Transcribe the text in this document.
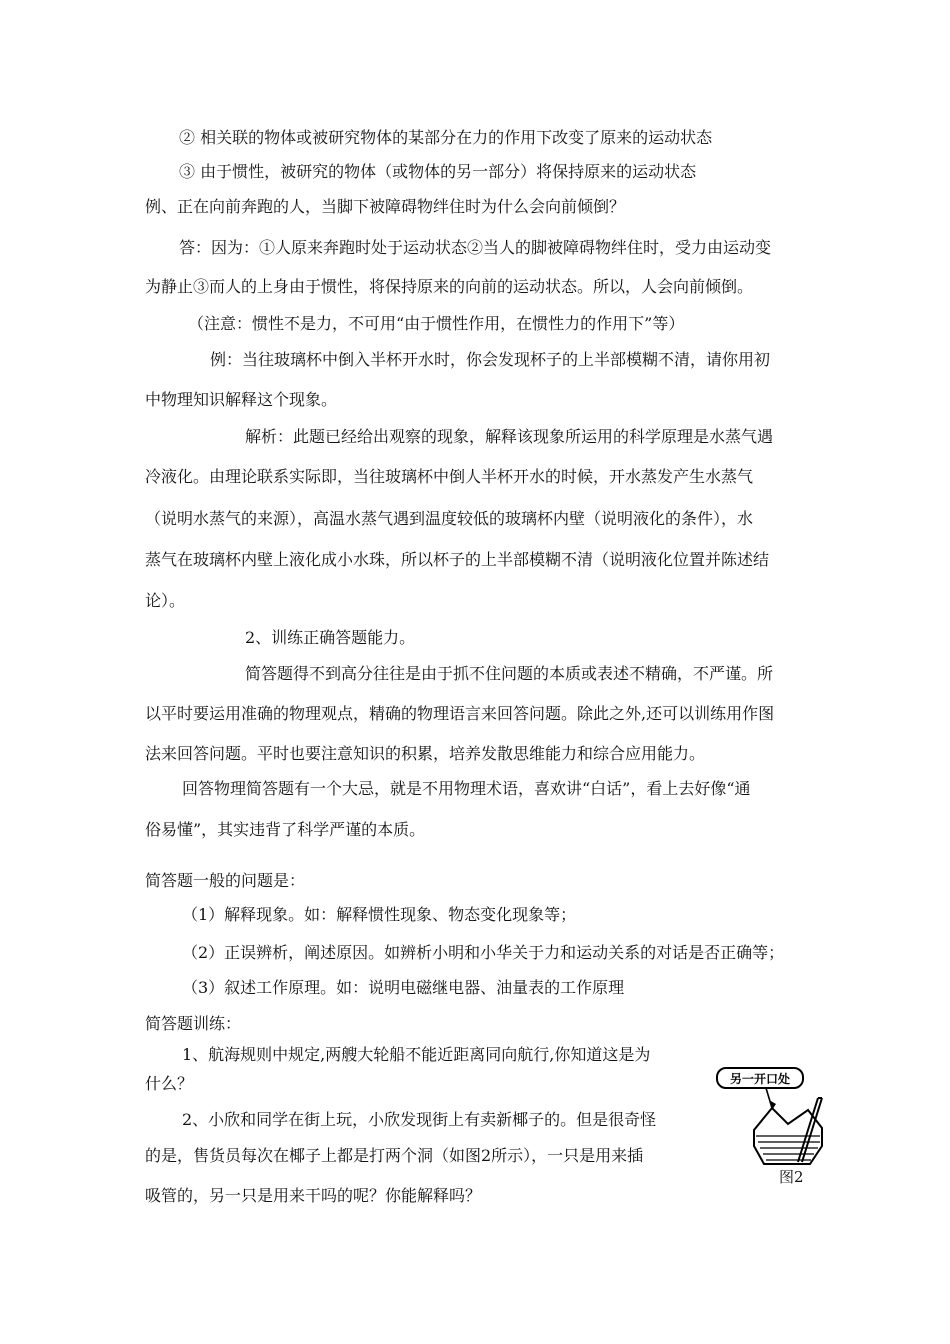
② 相关联的物体或被研究物体的某部分在力的作用下改变了原来的运动状态
③ 由于惯性，被研究的物体（或物体的另一部分）将保持原来的运动状态
例、正在向前奔跑的人，当脚下被障碍物绊住时为什么会向前倾倒？
答：因为：①人原来奔跑时处于运动状态②当人的脚被障碍物绊住时，受力由运动变
为静止③而人的上身由于惯性，将保持原来的向前的运动状态。所以，人会向前倾倒。
（注意：惯性不是力，不可用“由于惯性作用，在惯性力的作用下”等）
例：当往玻璃杯中倒入半杯开水时，你会发现杯子的上半部模糊不清，请你用初
中物理知识解释这个现象。
解析：此题已经给出观察的现象，解释该现象所运用的科学原理是水蒸气遇
冷液化。由理论联系实际即，当往玻璃杯中倒人半杯开水的时候，开水蒸发产生水蒸气
（说明水蒸气的来源），高温水蒸气遇到温度较低的玻璃杯内壁（说明液化的条件），水
蒸气在玻璃杯内壁上液化成小水珠，所以杯子的上半部模糊不清（说明液化位置并陈述结
论）。
2、训练正确答题能力。
简答题得不到高分往往是由于抓不住问题的本质或表述不精确，不严谨。所
以平时要运用准确的物理观点，精确的物理语言来回答问题。除此之外,还可以训练用作图
法来回答问题。平时也要注意知识的积累，培养发散思维能力和综合应用能力。
回答物理简答题有一个大忌，就是不用物理术语，喜欢讲“白话”，看上去好像“通
俗易懂”，其实违背了科学严谨的本质。
简答题一般的问题是：
（1）解释现象。如：解释惯性现象、物态变化现象等；
（2）正误辨析，阐述原因。如辨析小明和小华关于力和运动关系的对话是否正确等；
（3）叙述工作原理。如：说明电磁继电器、油量表的工作原理
简答题训练：
1、航海规则中规定,两艘大轮船不能近距离同向航行,你知道这是为
什么？
2、小欣和同学在街上玩，小欣发现街上有卖新椰子的。但是很奇怪
的是，售货员每次在椰子上都是打两个洞（如图2所示），一只是用来插
吸管的，另一只是用来干吗的呢？你能解释吗？
另一开口处
图2
